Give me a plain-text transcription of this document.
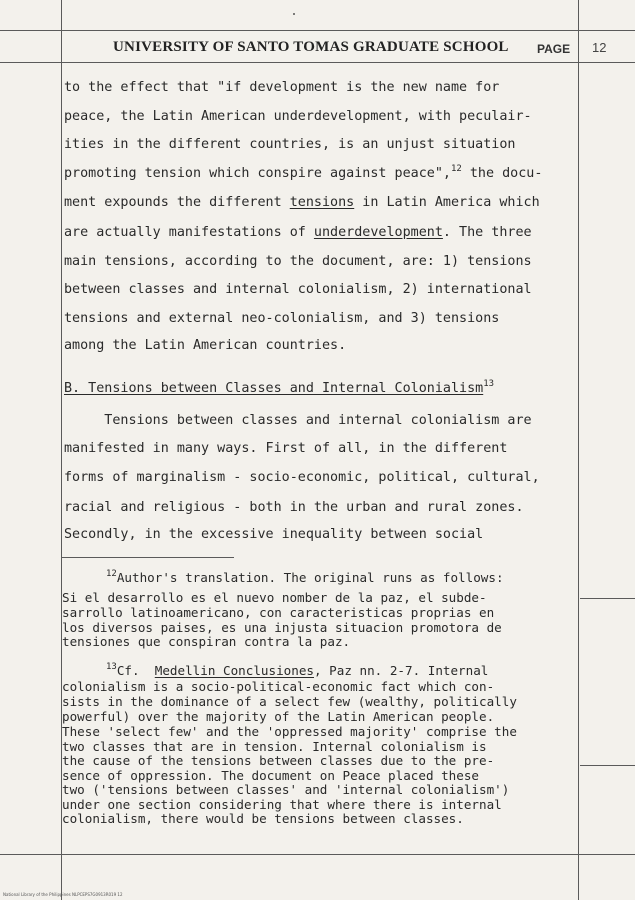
UNIVERSITY OF SANTO TOMAS GRADUATE SCHOOL PAGE 12
to the effect that "if development is the new name for
peace, the Latin American underdevelopment, with peculair-
ities in the different countries, is an unjust situation
promoting tension which conspire against peace",$^{12}$ the docu-
ment expounds the different tensions in Latin America which
are actually manifestations of underdevelopment. The three
main tensions, according to the document, are: 1) tensions
between classes and internal colonialism, 2) international
tensions and external neo-colonialism, and 3) tensions
among the Latin American countries.
B. Tensions between Classes and Internal Colonialism$^{13}$
Tensions between classes and internal colonialism are
manifested in many ways. First of all, in the different
forms of marginalism - socio-economic, political, cultural,
racial and religious - both in the urban and rural zones.
Secondly, in the excessive inequality between social
$^{12}$Author's translation. The original runs as follows:
Si el desarrollo es el nuevo nomber de la paz, el subde-
sarrollo latinoamericano, con caracteristicas proprias en
los diversos paises, es una injusta situacion promotora de
tensiones que conspiran contra la paz.
$^{13}$Cf.  Medellin Conclusiones, Paz nn. 2-7. Internal
colonialism is a socio-political-economic fact which con-
sists in the dominance of a select few (wealthy, politically
powerful) over the majority of the Latin American people.
These 'select few' and the 'oppressed majority' comprise the
two classes that are in tension. Internal colonialism is
the cause of the tensions between classes due to the pre-
sence of oppression. The document on Peace placed these
two ('tensions between classes' and 'internal colonialism')
under one section considering that where there is internal
colonialism, there would be tensions between classes.
National Library of the Philippines NLPCEPS7G0913R019 12
